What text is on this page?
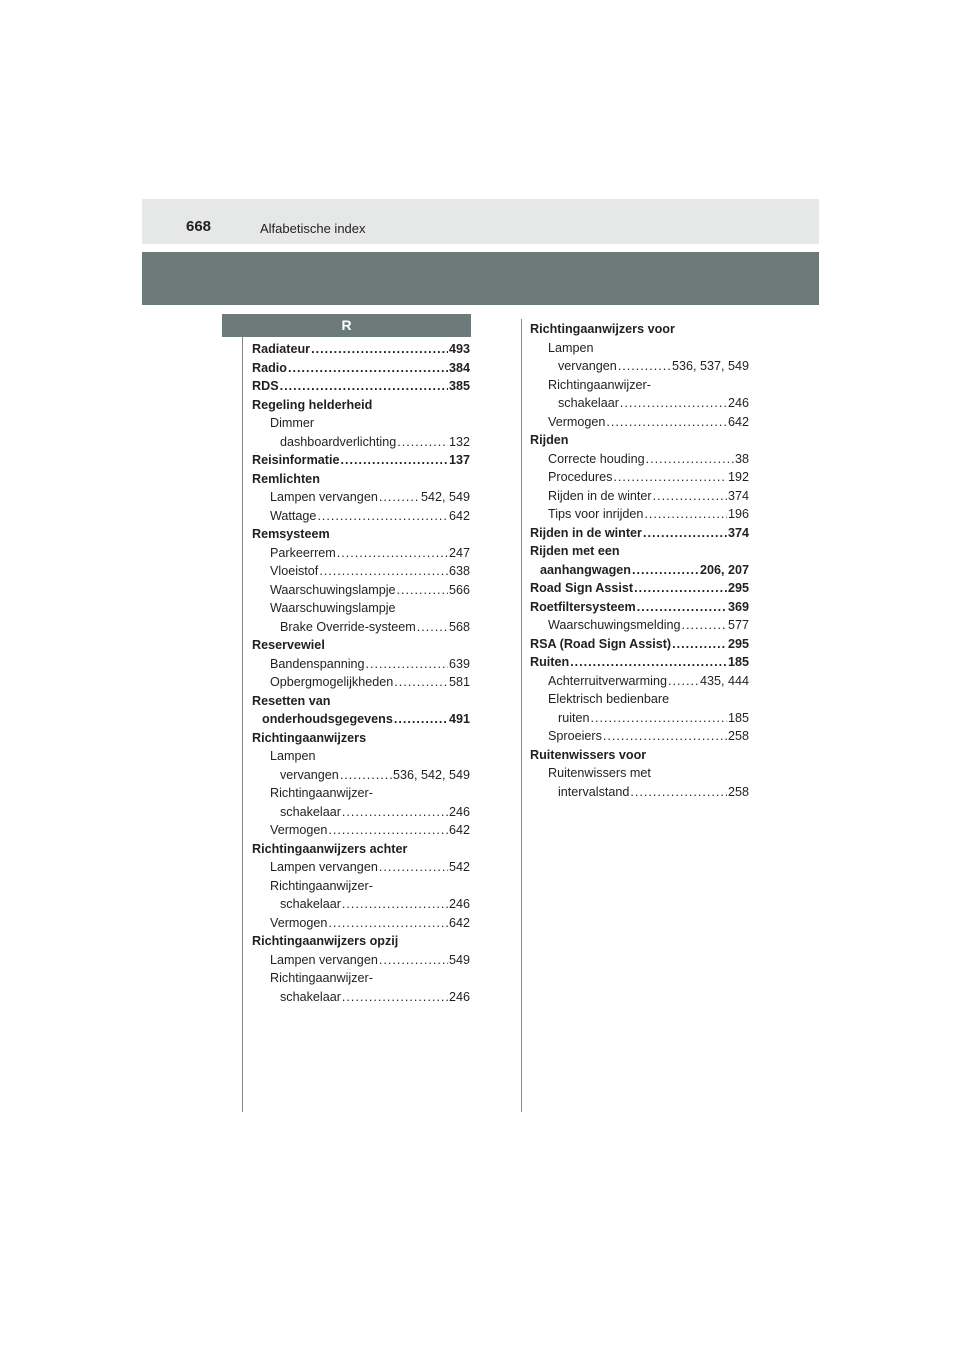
668	Alfabetische index
R
Radiateur .....	493
Radio .....	384
RDS .....	385
Regeling helderheid
Dimmer
dashboardverlichting .....	132
Reisinformatie .....	137
Remlichten
Lampen vervangen .....	542, 549
Wattage .....	642
Remsysteem
Parkeerrem .....	247
Vloeistof .....	638
Waarschuwingslampje .....	566
Waarschuwingslampje
Brake Override-systeem .....	568
Reservewiel
Bandenspanning .....	639
Opbergmogelijkheden .....	581
Resetten van
onderhoudsgegevens .....	491
Richtingaanwijzers
Lampen
vervangen .....	536, 542, 549
Richtingaanwijzer-
schakelaar .....	246
Vermogen .....	642
Richtingaanwijzers achter
Lampen vervangen .....	542
Richtingaanwijzer-
schakelaar .....	246
Vermogen .....	642
Richtingaanwijzers opzij
Lampen vervangen .....	549
Richtingaanwijzer-
schakelaar .....	246
Richtingaanwijzers voor
Lampen
vervangen .....	536, 537, 549
Richtingaanwijzer-
schakelaar .....	246
Vermogen .....	642
Rijden
Correcte houding .....	38
Procedures .....	192
Rijden in de winter .....	374
Tips voor inrijden .....	196
Rijden in de winter .....	374
Rijden met een
aanhangwagen .....	206, 207
Road Sign Assist .....	295
Roetfiltersysteem .....	369
Waarschuwingsmelding .....	577
RSA (Road Sign Assist) .....	295
Ruiten .....	185
Achterruitverwarming .....	435, 444
Elektrisch bedienbare
ruiten .....	185
Sproeiers .....	258
Ruitenwissers voor
Ruitenwissers met
intervalstand .....	258
